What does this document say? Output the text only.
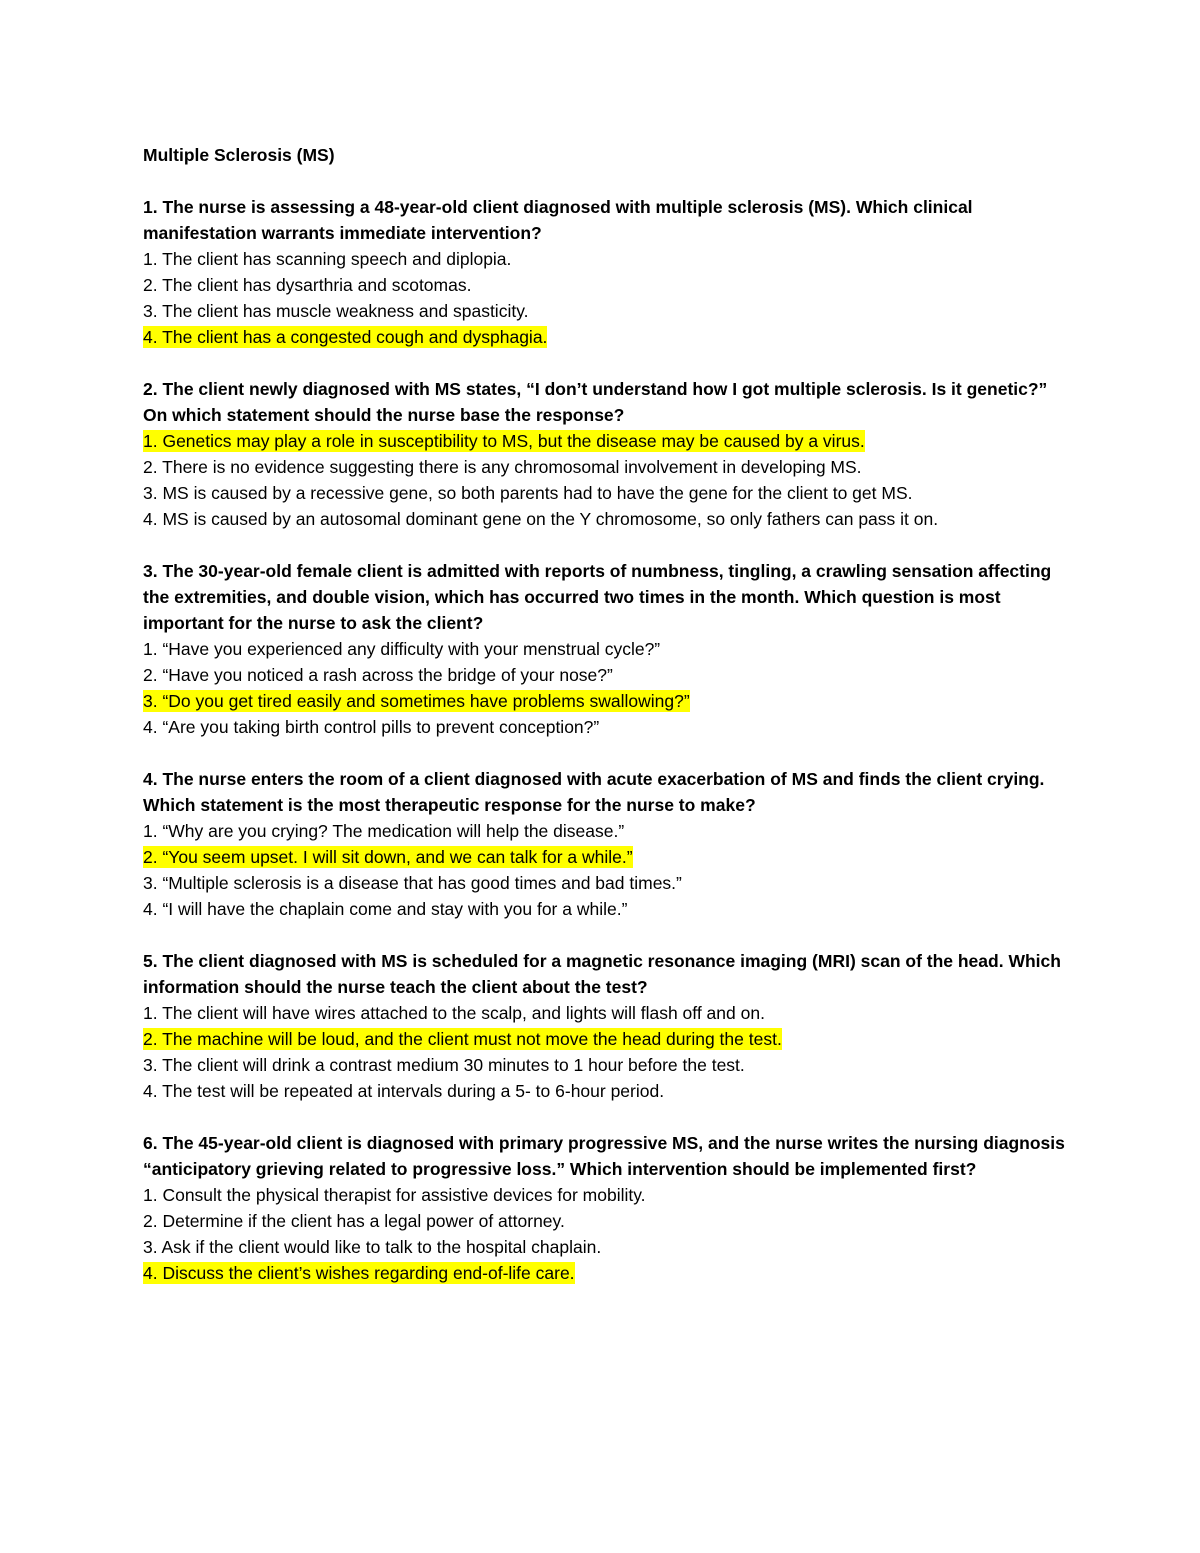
Multiple Sclerosis (MS)

1. The nurse is assessing a 48-year-old client diagnosed with multiple sclerosis (MS). Which clinical manifestation warrants immediate intervention?

1. The client has scanning speech and diplopia.
2. The client has dysarthria and scotomas.
3. The client has muscle weakness and spasticity.
4. The client has a congested cough and dysphagia.

2. The client newly diagnosed with MS states, “I don’t understand how I got multiple sclerosis. Is it genetic?” On which statement should the nurse base the response?

1. Genetics may play a role in susceptibility to MS, but the disease may be caused by a virus.
2. There is no evidence suggesting there is any chromosomal involvement in developing MS.
3. MS is caused by a recessive gene, so both parents had to have the gene for the client to get MS.
4. MS is caused by an autosomal dominant gene on the Y chromosome, so only fathers can pass it on.

3. The 30-year-old female client is admitted with reports of numbness, tingling, a crawling sensation affecting the extremities, and double vision, which has occurred two times in the month. Which question is most important for the nurse to ask the client?

1. “Have you experienced any difficulty with your menstrual cycle?”
2. “Have you noticed a rash across the bridge of your nose?”
3. “Do you get tired easily and sometimes have problems swallowing?”
4. “Are you taking birth control pills to prevent conception?”

4. The nurse enters the room of a client diagnosed with acute exacerbation of MS and finds the client crying. Which statement is the most therapeutic response for the nurse to make?

1. “Why are you crying? The medication will help the disease.”
2. “You seem upset. I will sit down, and we can talk for a while.”
3. “Multiple sclerosis is a disease that has good times and bad times.”
4. “I will have the chaplain come and stay with you for a while.”

5. The client diagnosed with MS is scheduled for a magnetic resonance imaging (MRI) scan of the head. Which information should the nurse teach the client about the test?

1. The client will have wires attached to the scalp, and lights will flash off and on.
2. The machine will be loud, and the client must not move the head during the test.
3. The client will drink a contrast medium 30 minutes to 1 hour before the test.
4. The test will be repeated at intervals during a 5- to 6-hour period.

6. The 45-year-old client is diagnosed with primary progressive MS, and the nurse writes the nursing diagnosis “anticipatory grieving related to progressive loss.” Which intervention should be implemented first?

1. Consult the physical therapist for assistive devices for mobility.
2. Determine if the client has a legal power of attorney.
3. Ask if the client would like to talk to the hospital chaplain.
4. Discuss the client’s wishes regarding end-of-life care.
